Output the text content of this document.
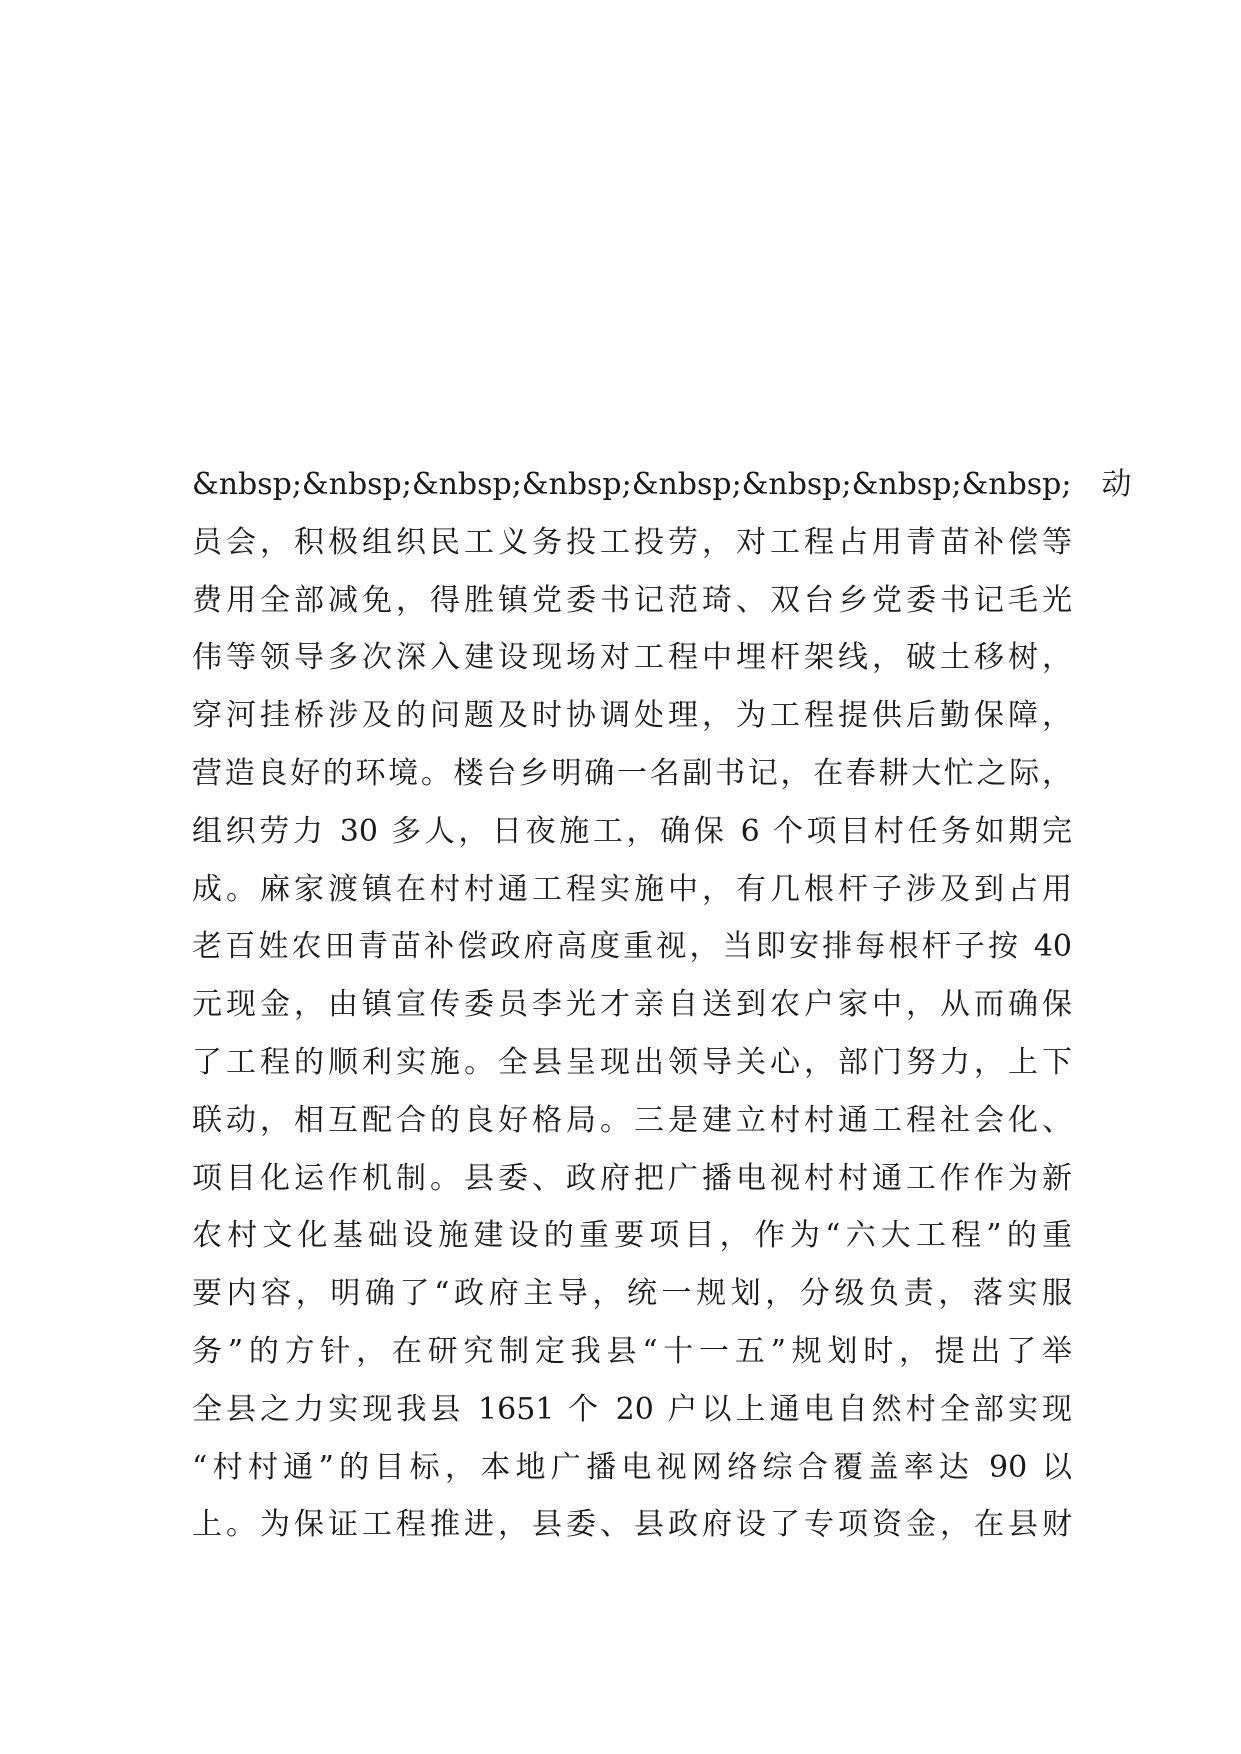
&nbsp;&nbsp;&nbsp;&nbsp;&nbsp;&nbsp;&nbsp;&nbsp;　动
员会，积极组织民工义务投工投劳，对工程占用青苗补偿等
费用全部减免，得胜镇党委书记范琦、双台乡党委书记毛光
伟等领导多次深入建设现场对工程中埋杆架线，破土移树，
穿河挂桥涉及的问题及时协调处理，为工程提供后勤保障，
营造良好的环境。楼台乡明确一名副书记，在春耕大忙之际，
组织劳力 30 多人，日夜施工，确保 6 个项目村任务如期完
成。麻家渡镇在村村通工程实施中，有几根杆子涉及到占用
老百姓农田青苗补偿政府高度重视，当即安排每根杆子按 40
元现金，由镇宣传委员李光才亲自送到农户家中，从而确保
了工程的顺利实施。全县呈现出领导关心，部门努力，上下
联动，相互配合的良好格局。三是建立村村通工程社会化、
项目化运作机制。县委、政府把广播电视村村通工作作为新
农村文化基础设施建设的重要项目，作为“六大工程”的重
要内容，明确了“政府主导，统一规划，分级负责，落实服
务”的方针，在研究制定我县“十一五”规划时，提出了举
全县之力实现我县 1651 个 20 户以上通电自然村全部实现
“村村通”的目标，本地广播电视网络综合覆盖率达 90 以
上。为保证工程推进，县委、县政府设了专项资金，在县财
